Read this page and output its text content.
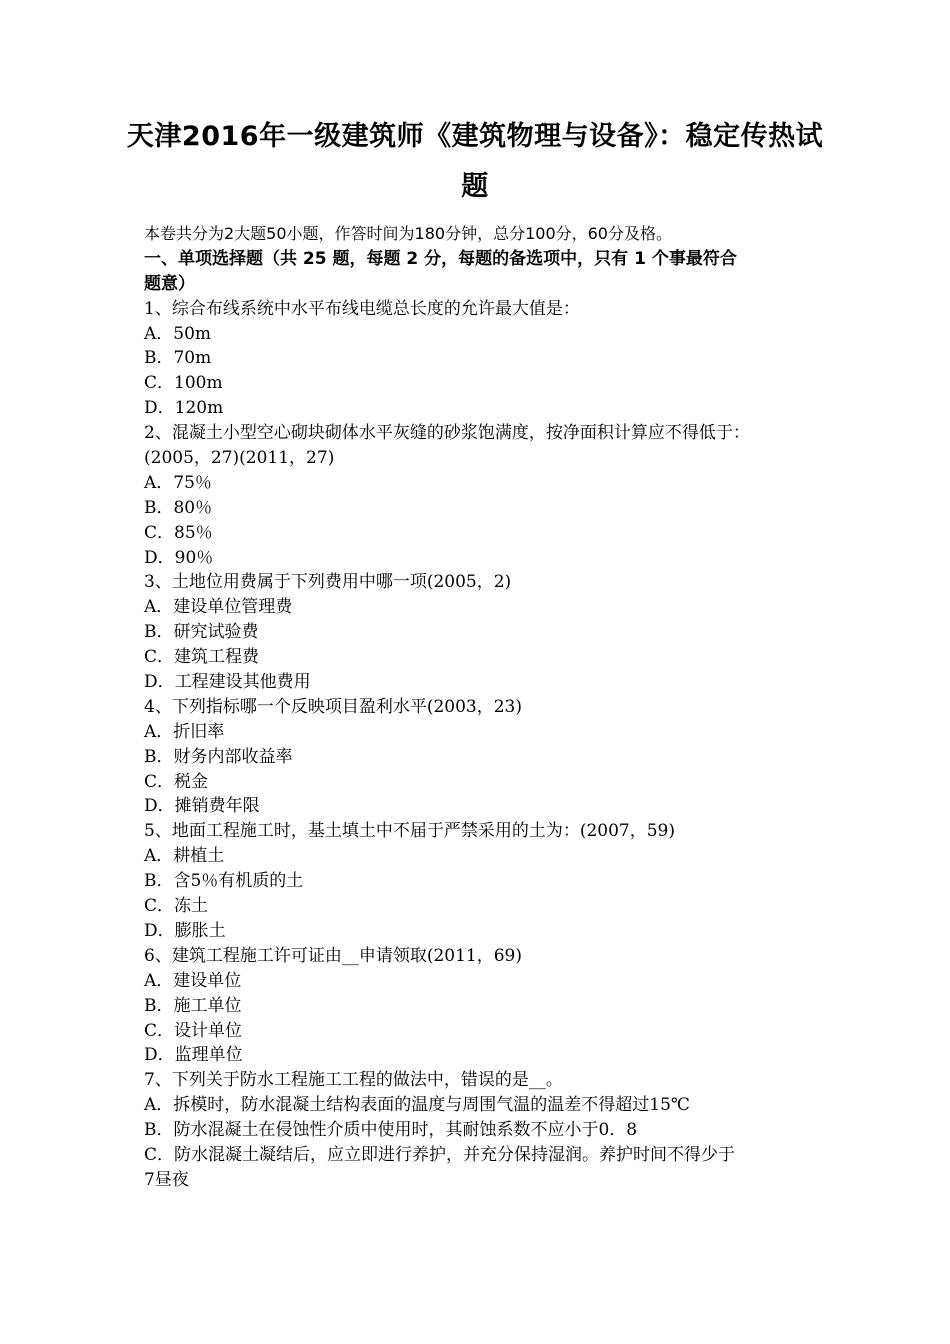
天津2016年一级建筑师《建筑物理与设备》：稳定传热试题
本卷共分为2大题50小题，作答时间为180分钟，总分100分，60分及格。
一、单项选择题（共 25 题，每题 2 分，每题的备选项中，只有 1 个事最符合
题意）
1、综合布线系统中水平布线电缆总长度的允许最大值是：
A．50m
B．70m
C．100m
D．120m
2、混凝土小型空心砌块砌体水平灰缝的砂浆饱满度，按净面积计算应不得低于：
(2005，27)(2011，27)
A．75％
B．80％
C．85％
D．90％
3、土地位用费属于下列费用中哪一项(2005，2)
A．建设单位管理费
B．研究试验费
C．建筑工程费
D．工程建设其他费用
4、下列指标哪一个反映项目盈利水平(2003，23)
A．折旧率
B．财务内部收益率
C．税金
D．摊销费年限
5、地面工程施工时，基土填土中不届于严禁采用的土为：(2007，59)
A．耕植土
B．含5％有机质的土
C．冻土
D．膨胀土
6、建筑工程施工许可证由__申请领取(2011，69)
A．建设单位
B．施工单位
C．设计单位
D．监理单位
7、下列关于防水工程施工工程的做法中，错误的是__。
A．拆模时，防水混凝土结构表面的温度与周围气温的温差不得超过15℃
B．防水混凝土在侵蚀性介质中使用时，其耐蚀系数不应小于0．8
C．防水混凝土凝结后，应立即进行养护，并充分保持湿润。养护时间不得少于
7昼夜
